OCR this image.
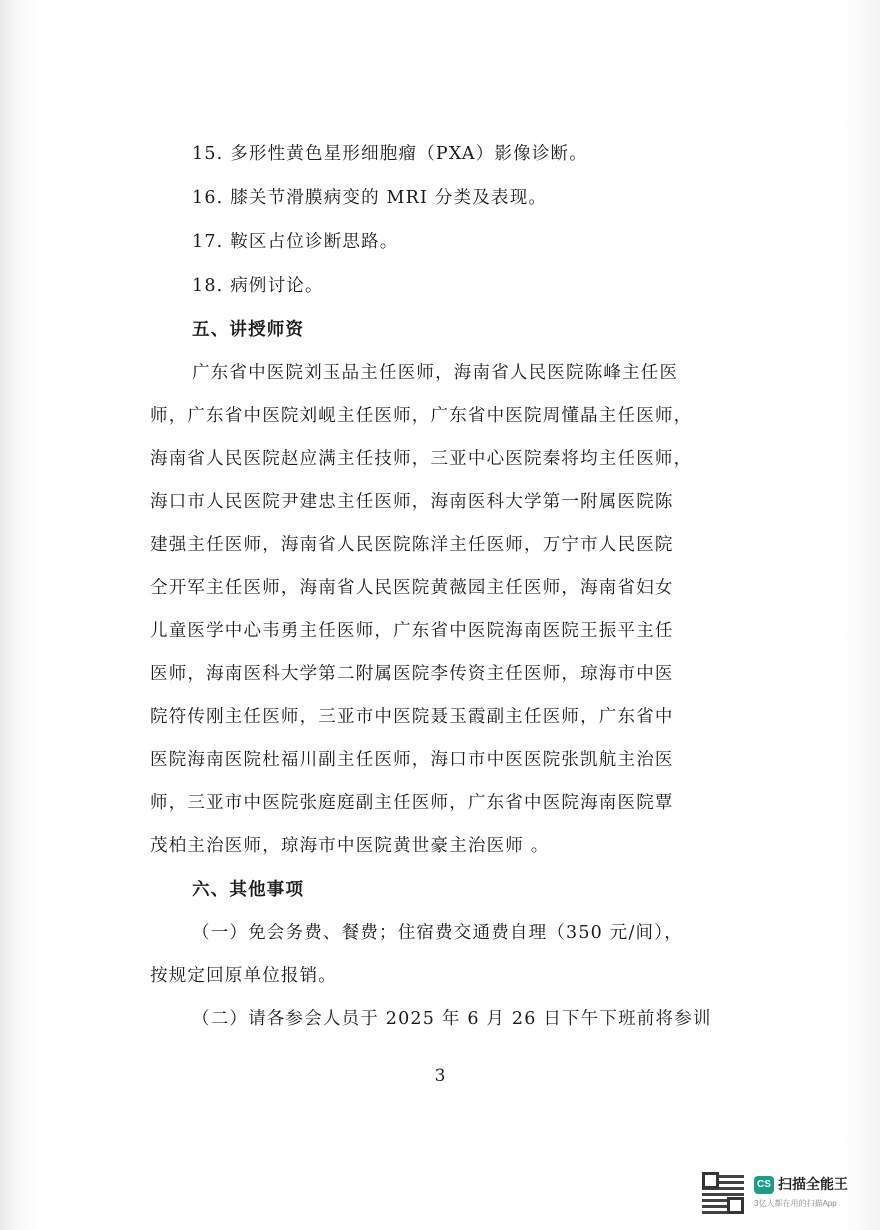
15. 多形性黄色星形细胞瘤（PXA）影像诊断。
16. 膝关节滑膜病变的 MRI 分类及表现。
17. 鞍区占位诊断思路。
18. 病例讨论。
五、讲授师资
广东省中医院刘玉品主任医师，海南省人民医院陈峰主任医
师，广东省中医院刘岘主任医师，广东省中医院周懂晶主任医师，
海南省人民医院赵应满主任技师，三亚中心医院秦将均主任医师，
海口市人民医院尹建忠主任医师，海南医科大学第一附属医院陈
建强主任医师，海南省人民医院陈洋主任医师，万宁市人民医院
仝开军主任医师，海南省人民医院黄薇园主任医师，海南省妇女
儿童医学中心韦勇主任医师，广东省中医院海南医院王振平主任
医师，海南医科大学第二附属医院李传资主任医师，琼海市中医
院符传刚主任医师，三亚市中医院聂玉霞副主任医师，广东省中
医院海南医院杜福川副主任医师，海口市中医医院张凯航主治医
师，三亚市中医院张庭庭副主任医师，广东省中医院海南医院覃
茂柏主治医师，琼海市中医院黄世豪主治医师 。
六、其他事项
（一）免会务费、餐费；住宿费交通费自理（350 元/间），
按规定回原单位报销。
（二）请各参会人员于 2025 年 6 月 26 日下午下班前将参训
3
CS 扫描全能王
3亿人都在用的扫描App
